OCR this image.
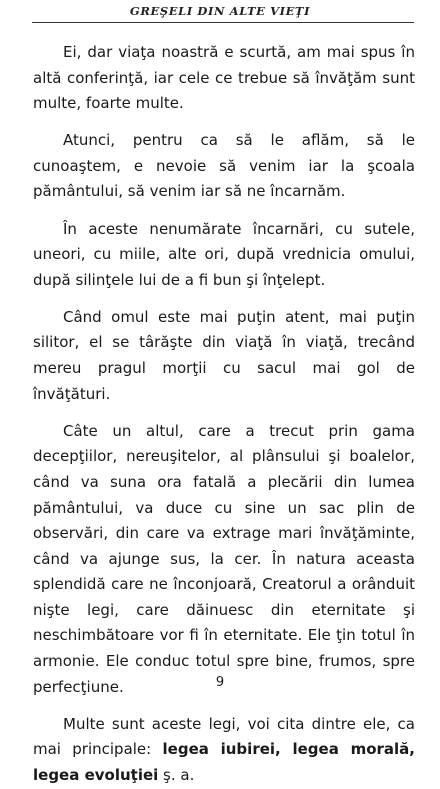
GREŞELI DIN ALTE VIEŢI

Ei, dar viaţa noastră e scurtă, am mai spus în altă conferinţă, iar cele ce trebue să învăţăm sunt multe, foarte multe.

Atunci, pentru ca să le aflăm, să le cunoaştem, e nevoie să venim iar la şcoala pământului, să venim iar să ne încarnăm.

În aceste nenumărate încarnări, cu sutele, uneori, cu miile, alte ori, după vrednicia omului, după silinţele lui de a fi bun şi înţelept.

Când omul este mai puţin atent, mai puţin silitor, el se târăşte din viaţă în viaţă, trecând mereu pragul morţii cu sacul mai gol de învăţături.

Câte un altul, care a trecut prin gama decepţiilor, nereuşitelor, al plânsului şi boalelor, când va suna ora fatală a plecării din lumea pământului, va duce cu sine un sac plin de observări, din care va extrage mari învăţăminte, când va ajunge sus, la cer. În natura aceasta splendidă care ne înconjoară, Creatorul a orânduit nişte legi, care dăinuesc din eternitate şi neschimbătoare vor fi în eternitate. Ele ţin totul în armonie. Ele conduc totul spre bine, frumos, spre perfecţiune.

Multe sunt aceste legi, voi cita dintre ele, ca mai principale: legea iubirei, legea morală, legea evoluţiei ş. a.

9
